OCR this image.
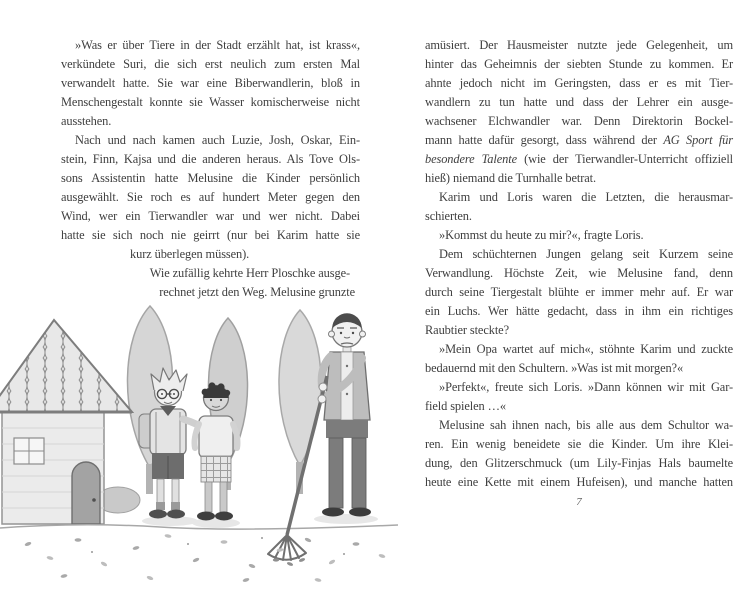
»Was er über Tiere in der Stadt erzählt hat, ist krass«,
verkündete Suri, die sich erst neulich zum ersten Mal
verwandelt hatte. Sie war eine Biberwandlerin, bloß in
Menschengestalt konnte sie Wasser komischerweise nicht
ausstehen.
Nach und nach kamen auch Luzie, Josh, Oskar, Ein-
stein, Finn, Kajsa und die anderen heraus. Als Tove Ols-
sons Assistentin hatte Melusine die Kinder persönlich
ausgewählt. Sie roch es auf hundert Meter gegen den
Wind, wer ein Tierwandler war und wer nicht. Dabei
hatte sie sich noch nie geirrt (nur bei Karim hatte sie
kurz überlegen müssen).
Wie zufällig kehrte Herr Ploschke ausge-
rechnet jetzt den Weg. Melusine grunzte
amüsiert. Der Hausmeister nutzte jede Gelegenheit, um
hinter das Geheimnis der siebten Stunde zu kommen. Er
ahnte jedoch nicht im Geringsten, dass er es mit Tier-
wandlern zu tun hatte und dass der Lehrer ein ausge-
wachsener Elchwandler war. Denn Direktorin Bockel-
mann hatte dafür gesorgt, dass während der AG Sport für
besondere Talente (wie der Tierwandler-Unterricht offiziell
hieß) niemand die Turnhalle betrat.
Karim und Loris waren die Letzten, die herausmar-
schierten.
»Kommst du heute zu mir?«, fragte Loris.
Dem schüchternen Jungen gelang seit Kurzem seine
Verwandlung. Höchste Zeit, wie Melusine fand, denn
durch seine Tiergestalt blühte er immer mehr auf. Er war
ein Luchs. Wer hätte gedacht, dass in ihm ein richtiges
Raubtier steckte?
»Mein Opa wartet auf mich«, stöhnte Karim und zuckte
bedauernd mit den Schultern. »Was ist mit morgen?«
»Perfekt«, freute sich Loris. »Dann können wir mit Gar-
field spielen …«
Melusine sah ihnen nach, bis alle aus dem Schultor wa-
ren. Ein wenig beneidete sie die Kinder. Um ihre Klei-
dung, den Glitzerschmuck (um Lily-Finjas Hals baumelte
heute eine Kette mit einem Hufeisen), und manche hatten
7
